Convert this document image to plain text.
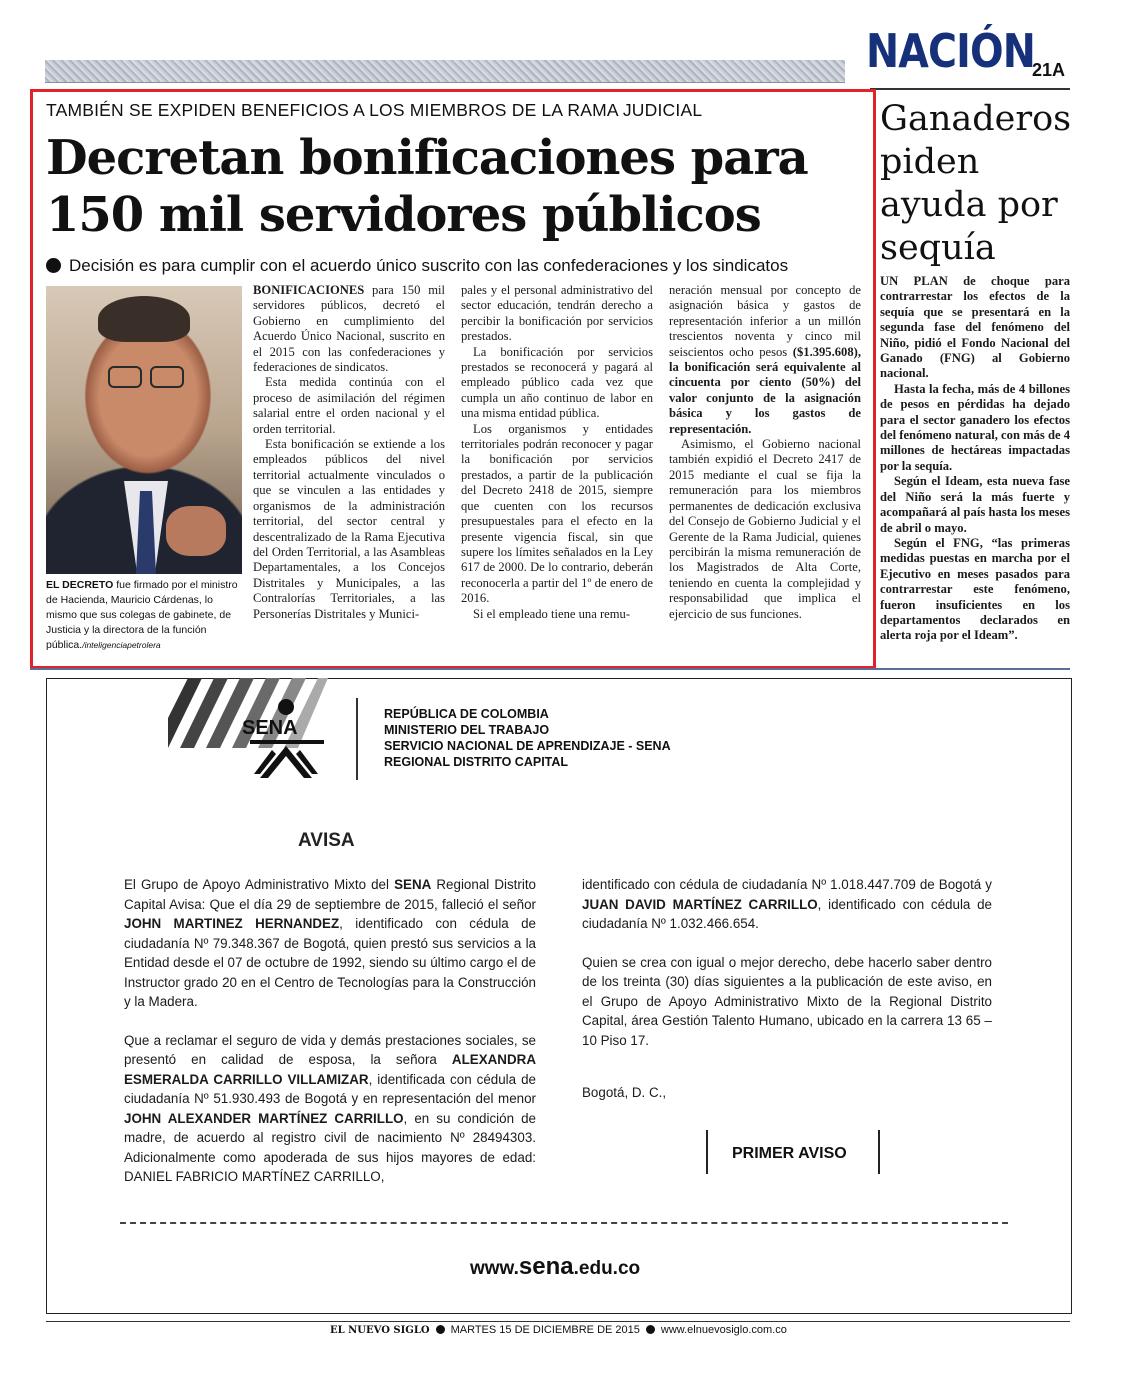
NACIÓN
21A
TAMBIÉN SE EXPIDEN BENEFICIOS A LOS MIEMBROS DE LA RAMA JUDICIAL
Decretan bonificaciones para
150 mil servidores públicos
Decisión es para cumplir con el acuerdo único suscrito con las confederaciones y los sindicatos
EL DECRETO fue firmado por el ministro de Hacienda, Mauricio Cárdenas, lo mismo que sus colegas de gabinete, de Justicia y la directora de la función pública./inteligenciapetrolera

BONIFICACIONES para 150 mil servidores públicos, decretó el Gobierno en cumplimiento del Acuerdo Único Nacional, suscrito en el 2015 con las confederaciones y federaciones de sindicatos.

Esta medida continúa con el proceso de asimilación del régimen salarial entre el orden nacional y el orden territorial.

Esta bonificación se extiende a los empleados públicos del nivel territorial actualmente vinculados o que se vinculen a las entidades y organismos de la administración territorial, del sector central y descentralizado de la Rama Ejecutiva del Orden Territorial, a las Asambleas Departamentales, a los Concejos Distritales y Municipales, a las Contralorías Territoriales, a las Personerías Distritales y Munici-

pales y el personal administrativo del sector educación, tendrán derecho a percibir la bonificación por servicios prestados.

La bonificación por servicios prestados se reconocerá y pagará al empleado público cada vez que cumpla un año continuo de labor en una misma entidad pública.

Los organismos y entidades territoriales podrán reconocer y pagar la bonificación por servicios prestados, a partir de la publicación del Decreto 2418 de 2015, siempre que cuenten con los recursos presupuestales para el efecto en la presente vigencia fiscal, sin que supere los límites señalados en la Ley 617 de 2000. De lo contrario, deberán reconocerla a partir del 1º de enero de 2016.

Si el empleado tiene una remu-

neración mensual por concepto de asignación básica y gastos de representación inferior a un millón trescientos noventa y cinco mil seiscientos ocho pesos ($1.395.608), la bonificación será equivalente al cincuenta por ciento (50%) del valor conjunto de la asignación básica y los gastos de representación.

Asimismo, el Gobierno nacional también expidió el Decreto 2417 de 2015 mediante el cual se fija la remuneración para los miembros permanentes de dedicación exclusiva del Consejo de Gobierno Judicial y el Gerente de la Rama Judicial, quienes percibirán la misma remuneración de los Magistrados de Alta Corte, teniendo en cuenta la complejidad y responsabilidad que implica el ejercicio de sus funciones.

Ganaderos piden ayuda por sequía

UN PLAN de choque para contrarrestar los efectos de la sequía que se presentará en la segunda fase del fenómeno del Niño, pidió el Fondo Nacional del Ganado (FNG) al Gobierno nacional.

Hasta la fecha, más de 4 billones de pesos en pérdidas ha dejado para el sector ganadero los efectos del fenómeno natural, con más de 4 millones de hectáreas impactadas por la sequía.

Según el Ideam, esta nueva fase del Niño será la más fuerte y acompañará al país hasta los meses de abril o mayo.

Según el FNG, “las primeras medidas puestas en marcha por el Ejecutivo en meses pasados para contrarrestar este fenómeno, fueron insuficientes en los departamentos declarados en alerta roja por el Ideam”.

SENA
REPÚBLICA DE COLOMBIA
MINISTERIO DEL TRABAJO
SERVICIO NACIONAL DE APRENDIZAJE - SENA
REGIONAL DISTRITO CAPITAL
AVISA

El Grupo de Apoyo Administrativo Mixto del SENA Regional Distrito Capital Avisa: Que el día 29 de septiembre de 2015, falleció el señor JOHN MARTINEZ HERNANDEZ, identificado con cédula de ciudadanía Nº 79.348.367 de Bogotá, quien prestó sus servicios a la Entidad desde el 07 de octubre de 1992, siendo su último cargo el de Instructor grado 20 en el Centro de Tecnologías para la Construcción y la Madera.

Que a reclamar el seguro de vida y demás prestaciones sociales, se presentó en calidad de esposa, la señora ALEXANDRA ESMERALDA CARRILLO VILLAMIZAR, identificada con cédula de ciudadanía Nº 51.930.493 de Bogotá y en representación del menor JOHN ALEXANDER MARTÍNEZ CARRILLO, en su condición de madre, de acuerdo al registro civil de nacimiento Nº 28494303. Adicionalmente como apoderada de sus hijos mayores de edad: DANIEL FABRICIO MARTÍNEZ CARRILLO,

identificado con cédula de ciudadanía Nº 1.018.447.709 de Bogotá y JUAN DAVID MARTÍNEZ CARRILLO, identificado con cédula de ciudadanía Nº 1.032.466.654.

Quien se crea con igual o mejor derecho, debe hacerlo saber dentro de los treinta (30) días siguientes a la publicación de este aviso, en el Grupo de Apoyo Administrativo Mixto de la Regional Distrito Capital, área Gestión Talento Humano, ubicado en la carrera 13 65 – 10 Piso 17.

Bogotá, D. C.,
PRIMER AVISO
www.sena.edu.co
EL NUEVO SIGLO MARTES 15 DE DICIEMBRE DE 2015 www.elnuevosiglo.com.co
